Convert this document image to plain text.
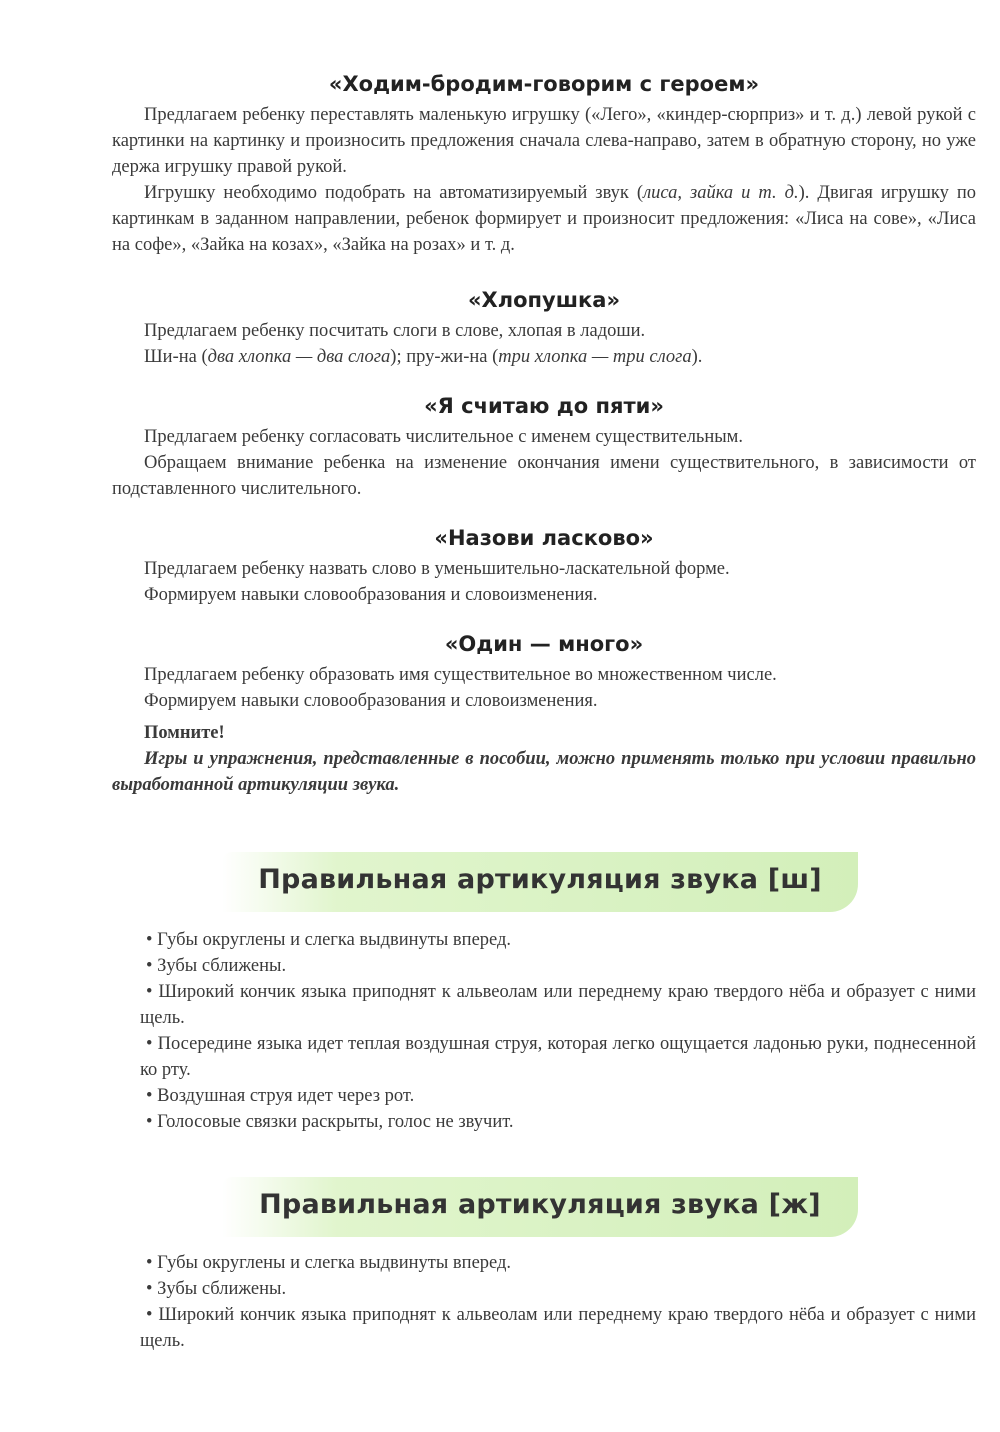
«Ходим-бродим-говорим с героем»

Предлагаем ребенку переставлять маленькую игрушку («Лего», «киндер-сюрприз» и т. д.) левой рукой с картинки на картинку и произносить предложения сначала слева-направо, затем в обратную сторону, но уже держа игрушку правой рукой.

Игрушку необходимо подобрать на автоматизируемый звук (лиса, зайка и т. д.). Двигая игрушку по картинкам в заданном направлении, ребенок формирует и произносит предложения: «Лиса на сове», «Лиса на софе», «Зайка на козах», «Зайка на розах» и т. д.

«Хлопушка»

Предлагаем ребенку посчитать слоги в слове, хлопая в ладоши.

Ши-на (два хлопка — два слога); пру-жи-на (три хлопка — три слога).

«Я считаю до пяти»

Предлагаем ребенку согласовать числительное с именем существительным.

Обращаем внимание ребенка на изменение окончания имени существительного, в зависимости от подставленного числительного.

«Назови ласково»

Предлагаем ребенку назвать слово в уменьшительно-ласкательной форме.

Формируем навыки словообразования и словоизменения.

«Один — много»

Предлагаем ребенку образовать имя существительное во множественном числе.

Формируем навыки словообразования и словоизменения.

Помните!

Игры и упражнения, представленные в пособии, можно применять только при условии правильно выработанной артикуляции звука.

Правильная артикуляция звука [ш]

• Губы округлены и слегка выдвинуты вперед.

• Зубы сближены.

• Широкий кончик языка приподнят к альвеолам или переднему краю твердого нёба и образует с ними щель.

• Посередине языка идет теплая воздушная струя, которая легко ощущается ладонью руки, поднесенной ко рту.

• Воздушная струя идет через рот.

• Голосовые связки раскрыты, голос не звучит.

Правильная артикуляция звука [ж]

• Губы округлены и слегка выдвинуты вперед.

• Зубы сближены.

• Широкий кончик языка приподнят к альвеолам или переднему краю твердого нёба и образует с ними щель.
